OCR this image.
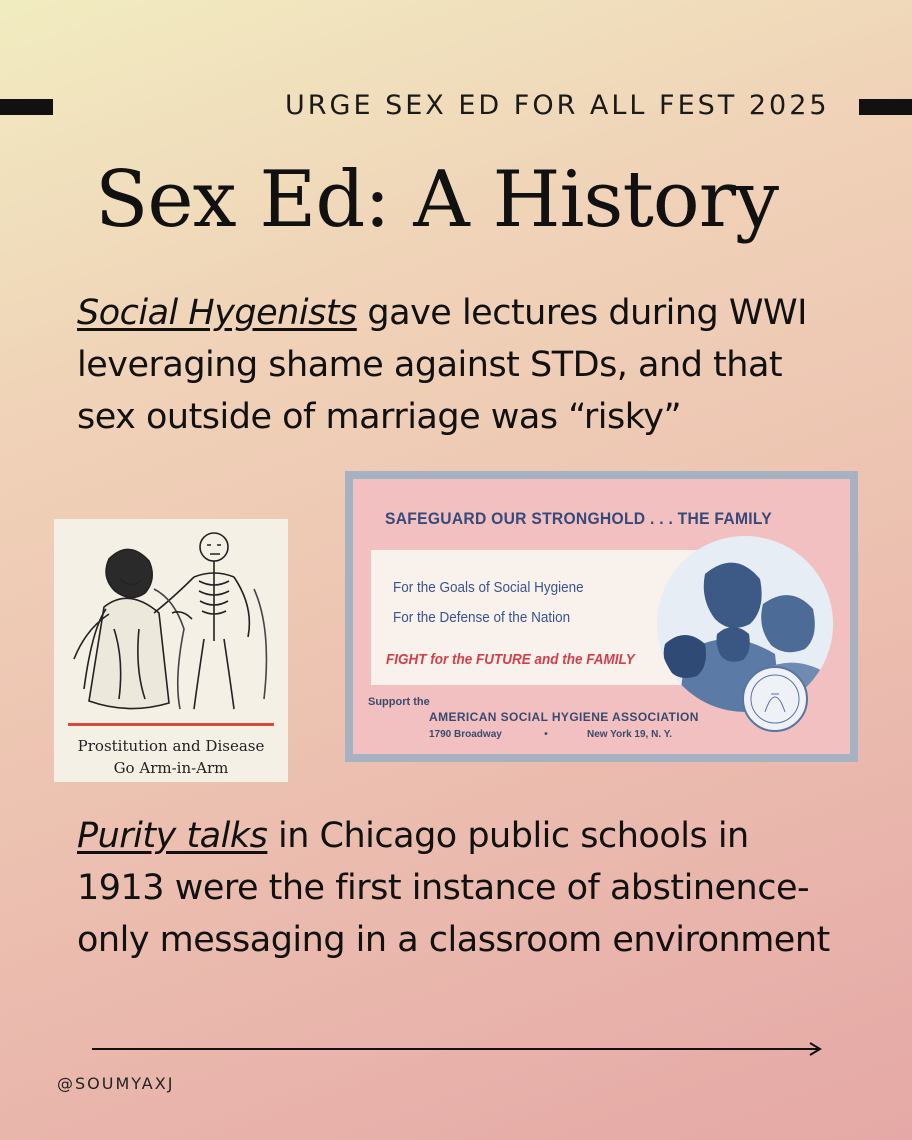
URGE SEX ED FOR ALL FEST 2025
Sex Ed: A History
Social Hygenists gave lectures during WWI leveraging shame against STDs, and that sex outside of marriage was “risky”
Prostitution and Disease
Go Arm-in-Arm
SAFEGUARD OUR STRONGHOLD . . . THE FAMILY
For the Goals of Social Hygiene
For the Defense of the Nation
FIGHT for the FUTURE and the FAMILY
Support the
AMERICAN SOCIAL HYGIENE ASSOCIATION
1790 Broadway	•	New York 19, N. Y.
Purity talks in Chicago public schools in 1913 were the first instance of abstinence-only messaging in a classroom environment
@SOUMYAXJ
